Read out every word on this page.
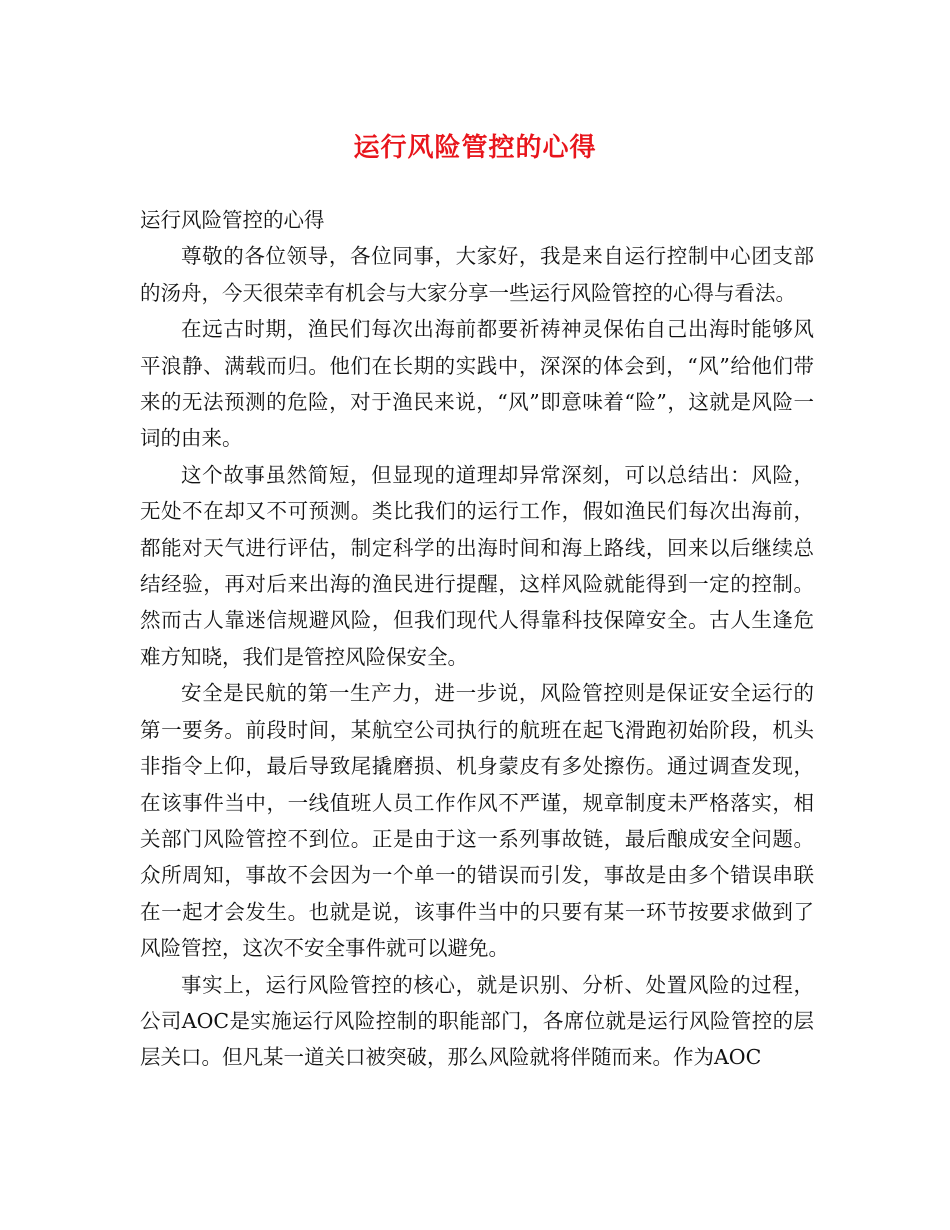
运行风险管控的心得

运行风险管控的心得

尊敬的各位领导，各位同事，大家好，我是来自运行控制中心团支部的汤舟，今天很荣幸有机会与大家分享一些运行风险管控的心得与看法。

在远古时期，渔民们每次出海前都要祈祷神灵保佑自己出海时能够风平浪静、满载而归。他们在长期的实践中，深深的体会到，“风”给他们带来的无法预测的危险，对于渔民来说，“风”即意味着“险”，这就是风险一词的由来。

这个故事虽然简短，但显现的道理却异常深刻，可以总结出：风险，无处不在却又不可预测。类比我们的运行工作，假如渔民们每次出海前，都能对天气进行评估，制定科学的出海时间和海上路线，回来以后继续总结经验，再对后来出海的渔民进行提醒，这样风险就能得到一定的控制。然而古人靠迷信规避风险，但我们现代人得靠科技保障安全。古人生逢危难方知晓，我们是管控风险保安全。

安全是民航的第一生产力，进一步说，风险管控则是保证安全运行的第一要务。前段时间，某航空公司执行的航班在起飞滑跑初始阶段，机头非指令上仰，最后导致尾撬磨损、机身蒙皮有多处擦伤。通过调查发现，在该事件当中，一线值班人员工作作风不严谨，规章制度未严格落实，相关部门风险管控不到位。正是由于这一系列事故链，最后酿成安全问题。众所周知，事故不会因为一个单一的错误而引发，事故是由多个错误串联在一起才会发生。也就是说，该事件当中的只要有某一环节按要求做到了风险管控，这次不安全事件就可以避免。

事实上，运行风险管控的核心，就是识别、分析、处置风险的过程，公司AOC是实施运行风险控制的职能部门，各席位就是运行风险管控的层层关口。但凡某一道关口被突破，那么风险就将伴随而来。作为AOC
